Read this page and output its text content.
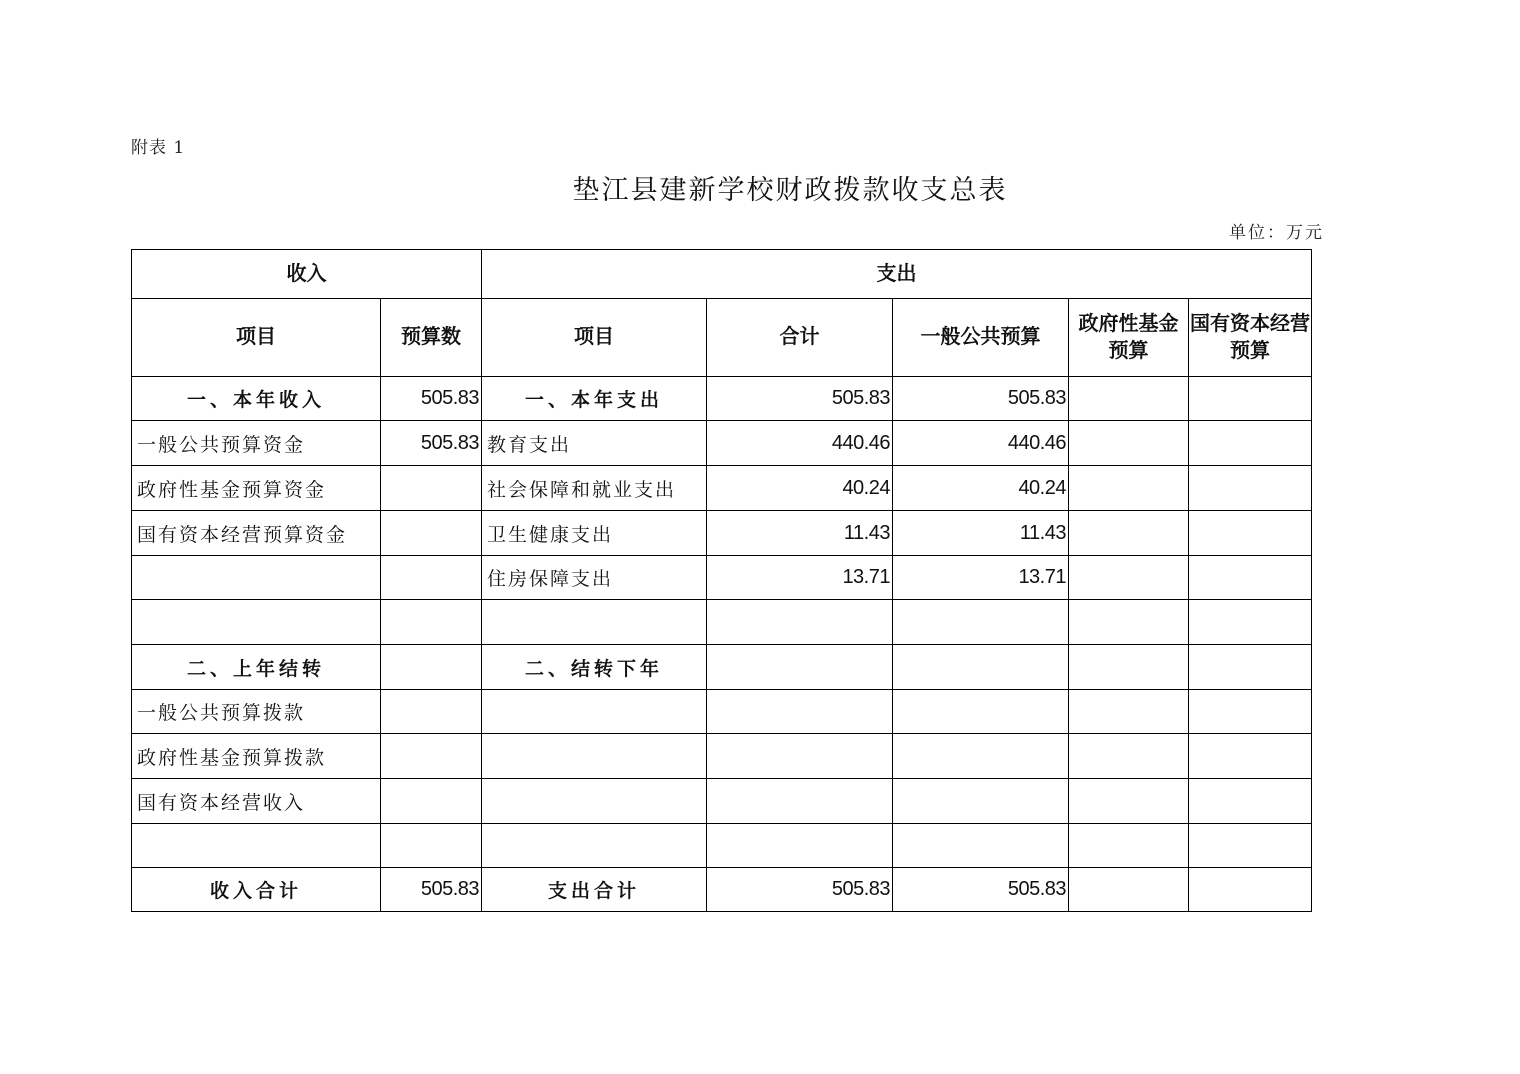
附表 1
垫江县建新学校财政拨款收支总表
单位：万元
收入		支出				
项目	预算数	项目	合计	一般公共预算	政府性基金预算	国有资本经营预算
一、本年收入	505.83	一、本年支出	505.83	505.83		
一般公共预算资金	505.83	教育支出	440.46	440.46		
政府性基金预算资金		社会保障和就业支出	40.24	40.24		
国有资本经营预算资金		卫生健康支出	11.43	11.43		
		住房保障支出	13.71	13.71		

二、上年结转		二、结转下年				
一般公共预算拨款						
政府性基金预算拨款						
国有资本经营收入						

收入合计	505.83	支出合计	505.83	505.83		
